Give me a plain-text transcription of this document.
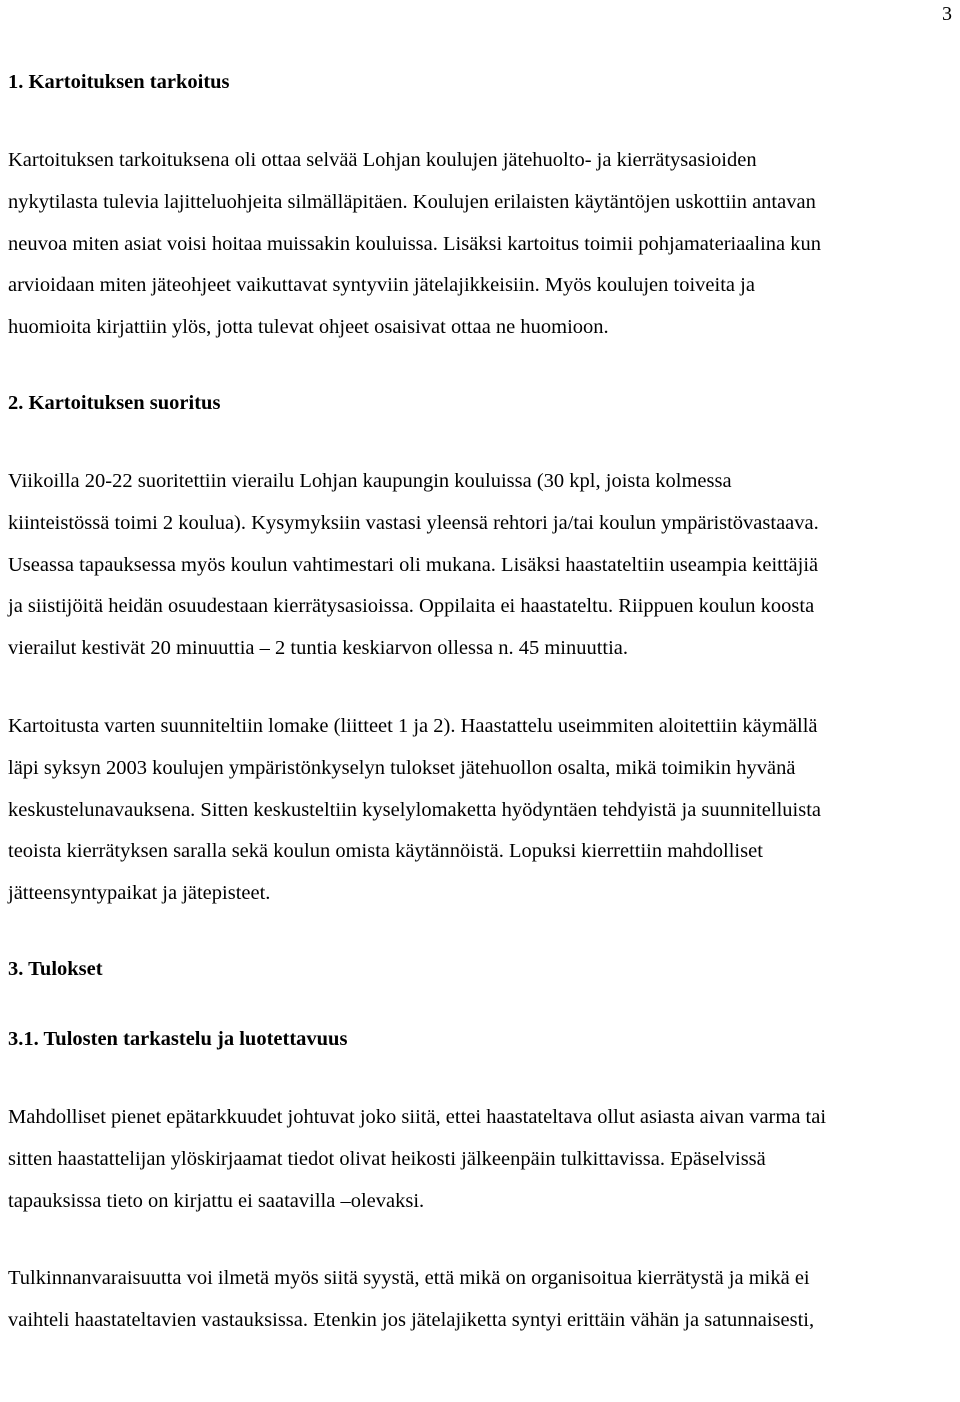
3
1. Kartoituksen tarkoitus

Kartoituksen tarkoituksena oli ottaa selvää Lohjan koulujen jätehuolto- ja kierrätysasioiden
nykytilasta tulevia lajitteluohjeita silmälläpitäen. Koulujen erilaisten käytäntöjen uskottiin antavan
neuvoa miten asiat voisi hoitaa muissakin kouluissa. Lisäksi kartoitus toimii pohjamateriaalina kun
arvioidaan miten jäteohjeet vaikuttavat syntyviin jätelajikkeisiin. Myös koulujen toiveita ja
huomioita kirjattiin ylös, jotta tulevat ohjeet osaisivat ottaa ne huomioon.

2. Kartoituksen suoritus

Viikoilla 20-22 suoritettiin vierailu Lohjan kaupungin kouluissa (30 kpl, joista kolmessa
kiinteistössä toimi 2 koulua). Kysymyksiin vastasi yleensä rehtori ja/tai koulun ympäristövastaava.
Useassa tapauksessa myös koulun vahtimestari oli mukana. Lisäksi haastateltiin useampia keittäjiä
ja siistijöitä heidän osuudestaan kierrätysasioissa. Oppilaita ei haastateltu. Riippuen koulun koosta
vierailut kestivät 20 minuuttia – 2 tuntia keskiarvon ollessa n. 45 minuuttia.

Kartoitusta varten suunniteltiin lomake (liitteet 1 ja 2). Haastattelu useimmiten aloitettiin käymällä
läpi syksyn 2003 koulujen ympäristönkyselyn tulokset jätehuollon osalta, mikä toimikin hyvänä
keskustelunavauksena. Sitten keskusteltiin kyselylomaketta hyödyntäen tehdyistä ja suunnitelluista
teoista kierrätyksen saralla sekä koulun omista käytännöistä. Lopuksi kierrettiin mahdolliset
jätteensyntypaikat ja jätepisteet.

3. Tulokset
3.1. Tulosten tarkastelu ja luotettavuus

Mahdolliset pienet epätarkkuudet johtuvat joko siitä, ettei haastateltava ollut asiasta aivan varma tai
sitten haastattelijan ylöskirjaamat tiedot olivat heikosti jälkeenpäin tulkittavissa. Epäselvissä
tapauksissa tieto on kirjattu ei saatavilla –olevaksi.

Tulkinnanvaraisuutta voi ilmetä myös siitä syystä, että mikä on organisoitua kierrätystä ja mikä ei
vaihteli haastateltavien vastauksissa. Etenkin jos jätelajiketta syntyi erittäin vähän ja satunnaisesti,
